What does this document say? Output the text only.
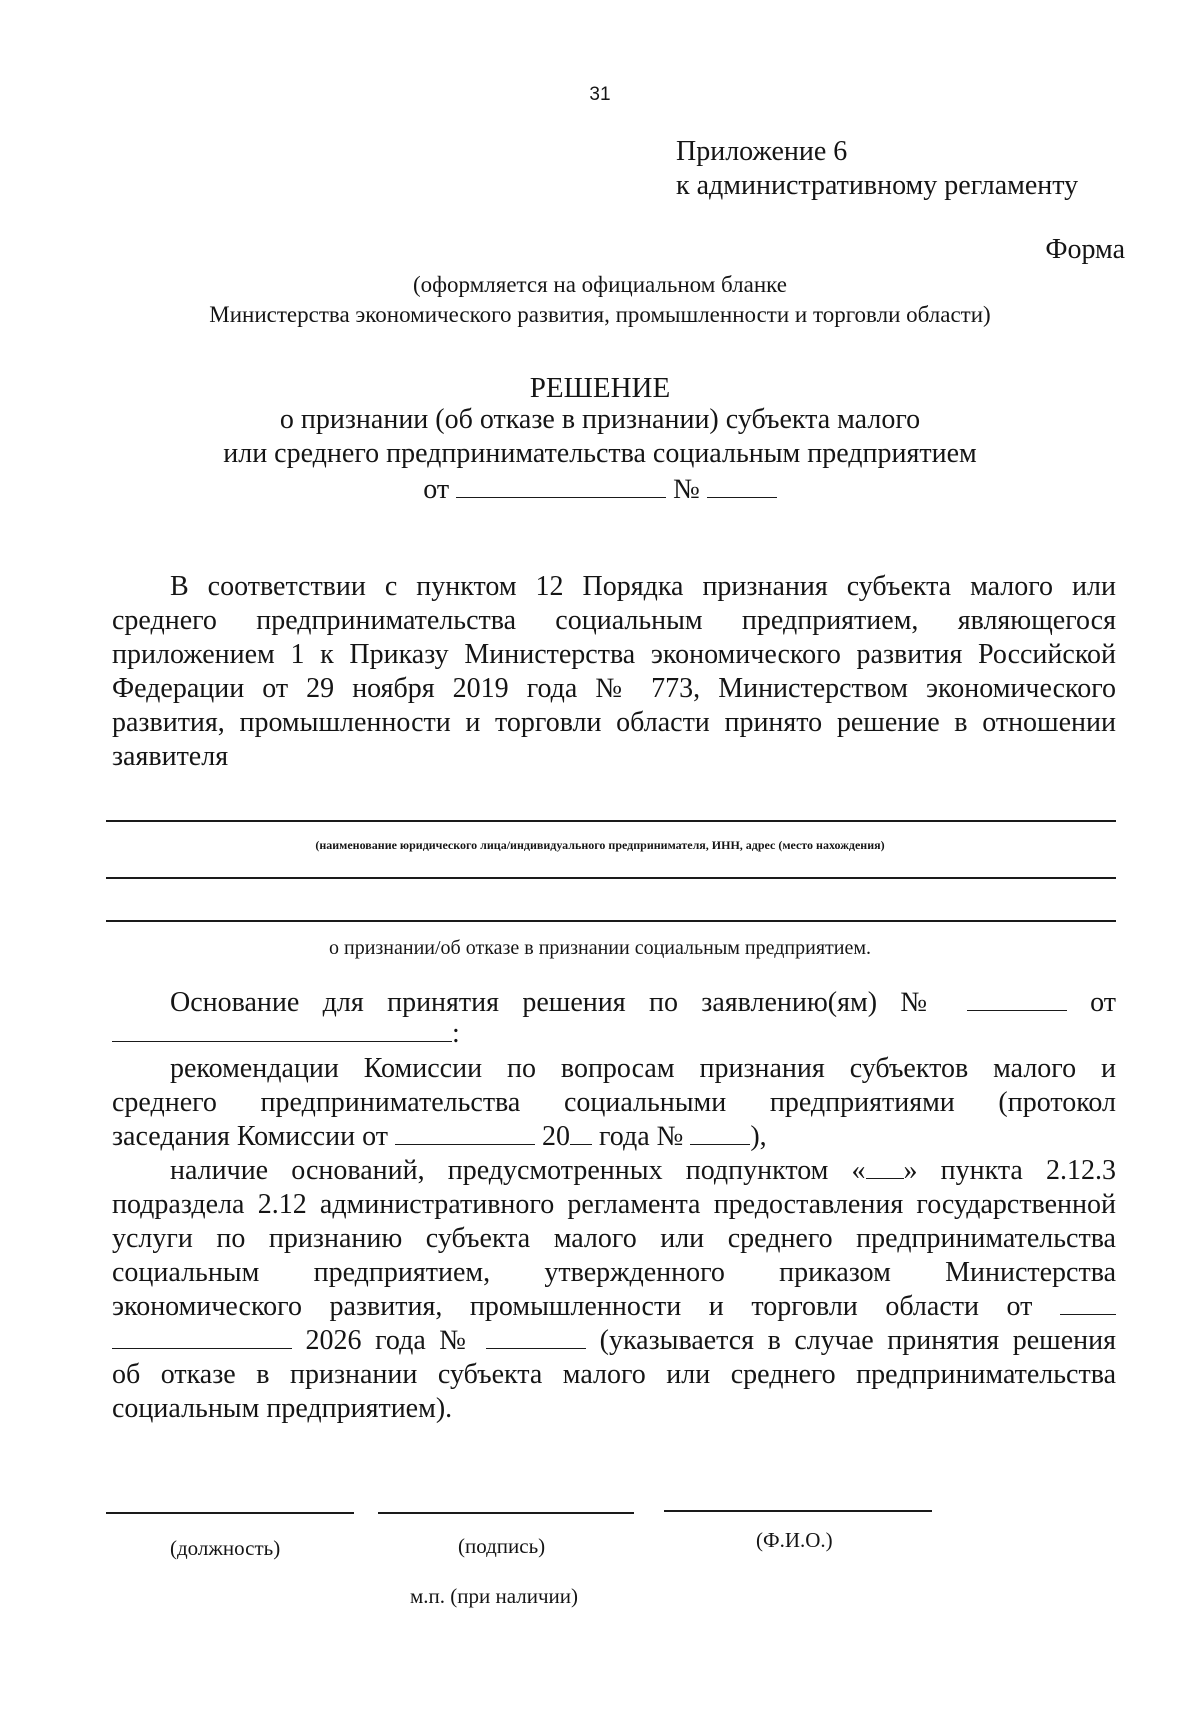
31
Приложение 6
к административному регламенту
Форма
(оформляется на официальном бланке
Министерства экономического развития, промышленности и торговли области)
РЕШЕНИЕ
о признании (об отказе в признании) субъекта малого
или среднего предпринимательства социальным предприятием
от	№

В соответствии с пунктом 12 Порядка признания субъекта малого или среднего предпринимательства социальным предприятием, являющегося приложением 1 к Приказу Министерства экономического развития Российской Федерации от 29 ноября 2019 года № 773, Министерством экономического развития, промышленности и торговли области принято решение в отношении заявителя

(наименование юридического лица/индивидуального предпринимателя, ИНН, адрес (место нахождения)
о признании/об отказе в признании социальным предприятием.

Основание для принятия решения по заявлению(ям) №	от

:

рекомендации Комиссии по вопросам признания субъектов малого и

среднего предпринимательства социальными предприятиями (протокол

заседания Комиссии от	20 года № ),

наличие оснований, предусмотренных подпунктом « » пункта 2.12.3

подраздела 2.12 административного регламента предоставления государственной

услуги по признанию субъекта малого или среднего предпринимательства

социальным предприятием, утвержденного приказом Министерства

экономического развития, промышленности и торговли области от

2026 года №	(указывается в случае принятия решения

об отказе в признании субъекта малого или среднего предпринимательства

социальным предприятием).

(должность)	(подпись)	(Ф.И.О.)
м.п. (при наличии)
